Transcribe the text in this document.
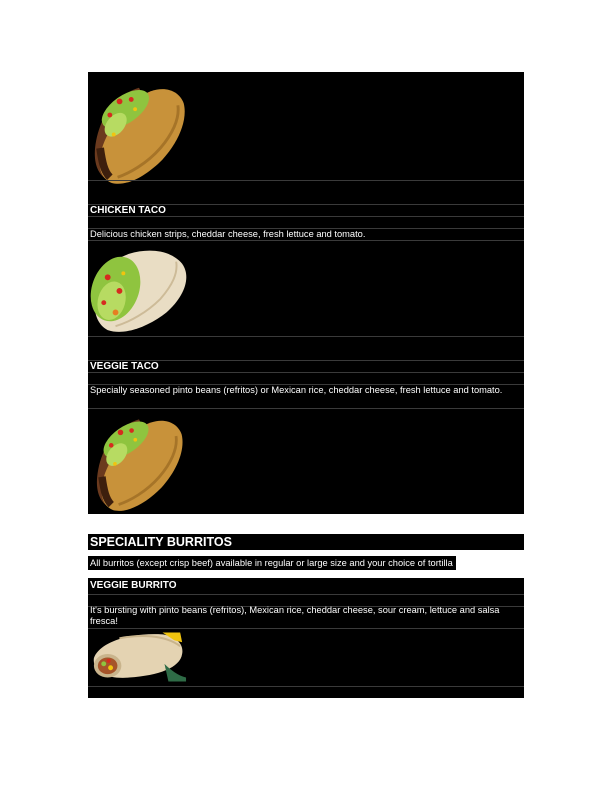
CHICKEN TACO
Delicious chicken strips, cheddar cheese, fresh lettuce and tomato.
VEGGIE TACO
Specially seasoned pinto beans (refritos) or Mexican rice, cheddar cheese, fresh lettuce and tomato.
SPECIALITY BURRITOS
All burritos (except crisp beef) available in regular or large size and your choice of tortilla
VEGGIE BURRITO
It's bursting with pinto beans (refritos), Mexican rice, cheddar cheese, sour cream, lettuce and salsa fresca!
